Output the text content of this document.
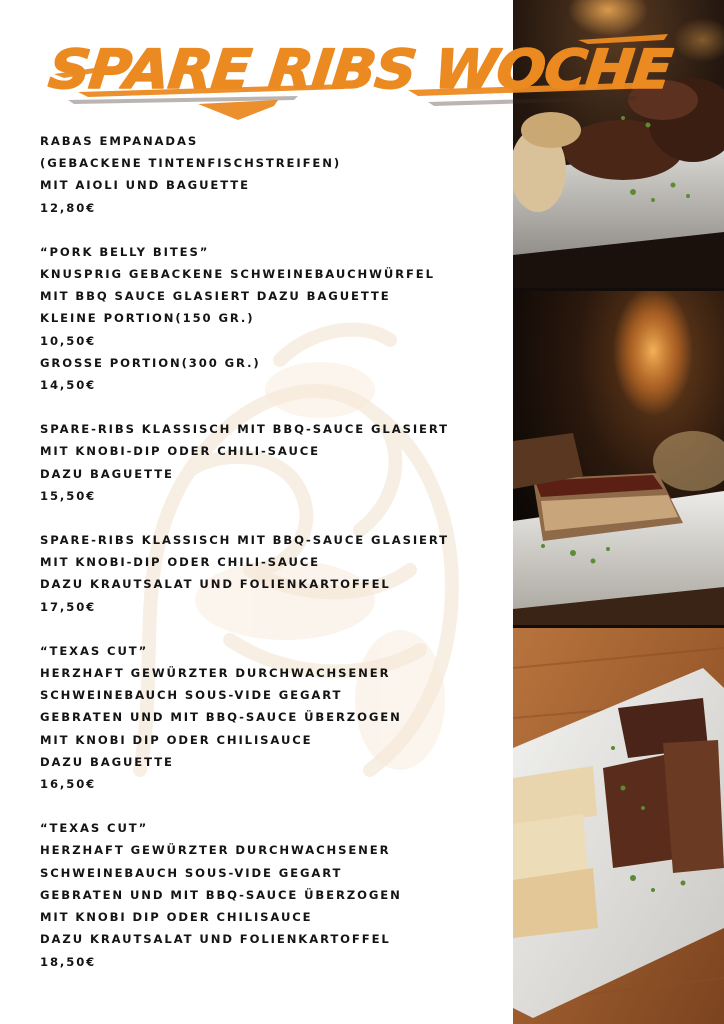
SPARE RIBS WOCHE
RABAS EMPANADAS
(GEBACKENE TINTENFISCHSTREIFEN)
MIT AIOLI UND BAGUETTE
12,80€
“PORK BELLY BITES”
KNUSPRIG GEBACKENE SCHWEINEBAUCHWÜRFEL
MIT BBQ SAUCE GLASIERT DAZU BAGUETTE
KLEINE PORTION(150 GR.)
10,50€
GROSSE PORTION(300 GR.)
14,50€
SPARE-RIBS KLASSISCH MIT BBQ-SAUCE GLASIERT
MIT KNOBI-DIP ODER CHILI-SAUCE
DAZU BAGUETTE
15,50€
SPARE-RIBS KLASSISCH MIT BBQ-SAUCE GLASIERT
MIT KNOBI-DIP ODER CHILI-SAUCE
DAZU KRAUTSALAT UND FOLIENKARTOFFEL
17,50€
“TEXAS CUT”
HERZHAFT GEWÜRZTER DURCHWACHSENER
SCHWEINEBAUCH SOUS-VIDE GEGART
GEBRATEN UND MIT BBQ-SAUCE ÜBERZOGEN
MIT KNOBI DIP ODER CHILISAUCE
DAZU BAGUETTE
16,50€
“TEXAS CUT”
HERZHAFT GEWÜRZTER DURCHWACHSENER
SCHWEINEBAUCH SOUS-VIDE GEGART
GEBRATEN UND MIT BBQ-SAUCE ÜBERZOGEN
MIT KNOBI DIP ODER CHILISAUCE
DAZU KRAUTSALAT UND FOLIENKARTOFFEL
18,50€
